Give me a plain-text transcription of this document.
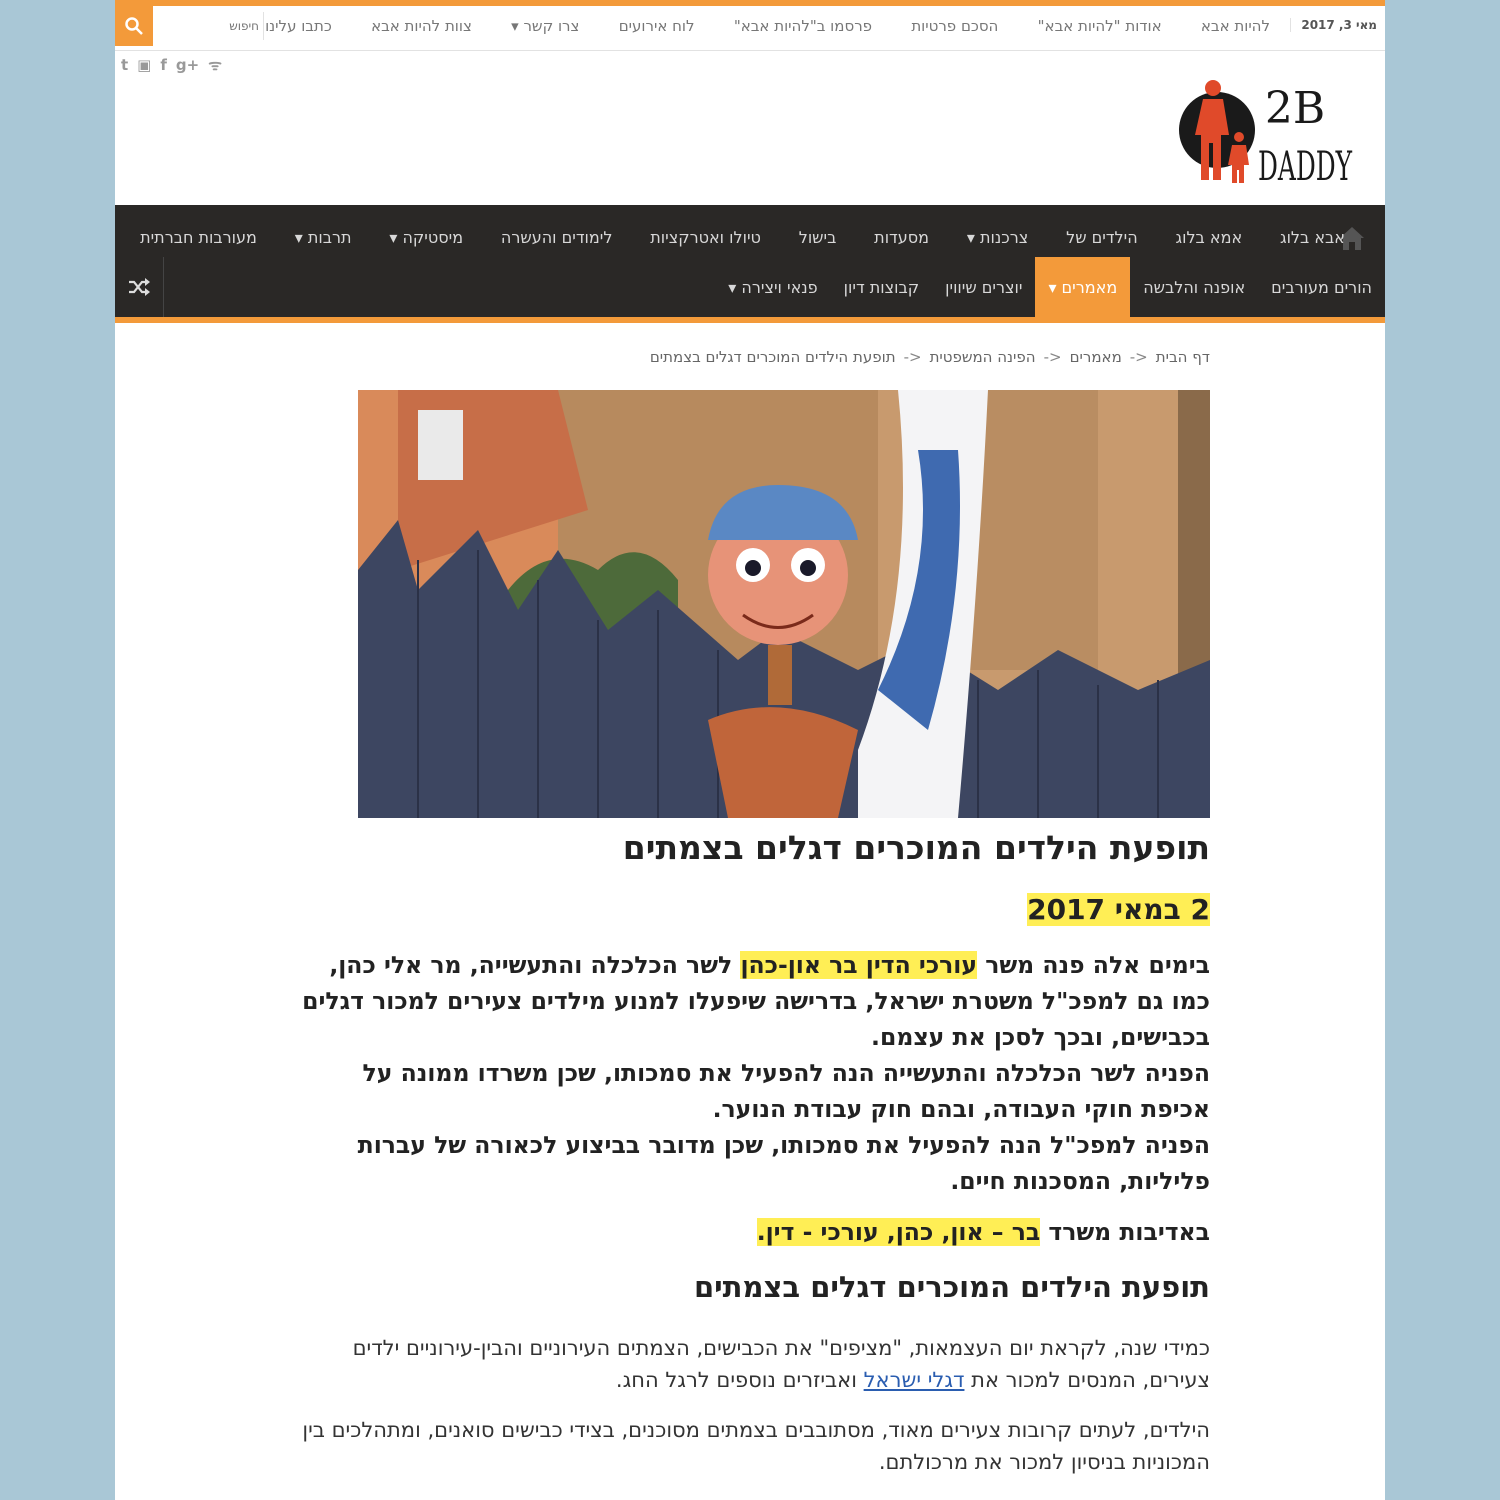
חיפוש
להיות אבא
אודות "להיות אבא"
הסכם פרטיות
פרסמו ב"להיות אבא"
לוח אירועים
צרו קשר ▾
צוות להיות אבא
כתבו עלינו	מאי 3, 2017
t ▣ f g+ ᯤ
2B
DADDY
אבא בלוג
אמא בלוג
הילדים של
צרכנות ▾
מסעדות
בישול
טיולו ואטרקציות
לימודים והעשרה
מיסטיקה ▾
תרבות ▾
מעורבות חברתית
הורים מעורבים
אופנה והלבשה
מאמרים ▾
יוצרים שיווין
קבוצות דיון
פנאי ויצירה ▾
דף הבית<-מאמרים<-הפינה המשפטית<-תופעת הילדים המוכרים דגלים בצמתים
תופעת הילדים המוכרים דגלים בצמתים
2 במאי 2017
בימים אלה פנה משר עורכי הדין בר און-כהן לשר הכלכלה והתעשייה, מר אלי כהן, כמו גם למפכ"ל משטרת ישראל, בדרישה שיפעלו למנוע מילדים צעירים למכור דגלים בכבישים, ובכך לסכן את עצמם.
הפניה לשר הכלכלה והתעשייה הנה להפעיל את סמכותו, שכן משרדו ממונה על אכיפת חוקי העבודה, ובהם חוק עבודת הנוער.
הפניה למפכ"ל הנה להפעיל את סמכותו, שכן מדובר בביצוע לכאורה של עברות פליליות, המסכנות חיים.
באדיבות משרד בר – און, כהן, עורכי - דין.
תופעת הילדים המוכרים דגלים בצמתים
כמידי שנה, לקראת יום העצמאות, "מציפים" את הכבישים, הצמתים העירוניים והבין-עירוניים ילדים צעירים, המנסים למכור את דגלי ישראל ואביזרים נוספים לרגל החג.
הילדים, לעתים קרובות צעירים מאוד, מסתובבים בצמתים מסוכנים, בצידי כבישים סואנים, ומתהלכים בין המכוניות בניסיון למכור את מרכולתם.
